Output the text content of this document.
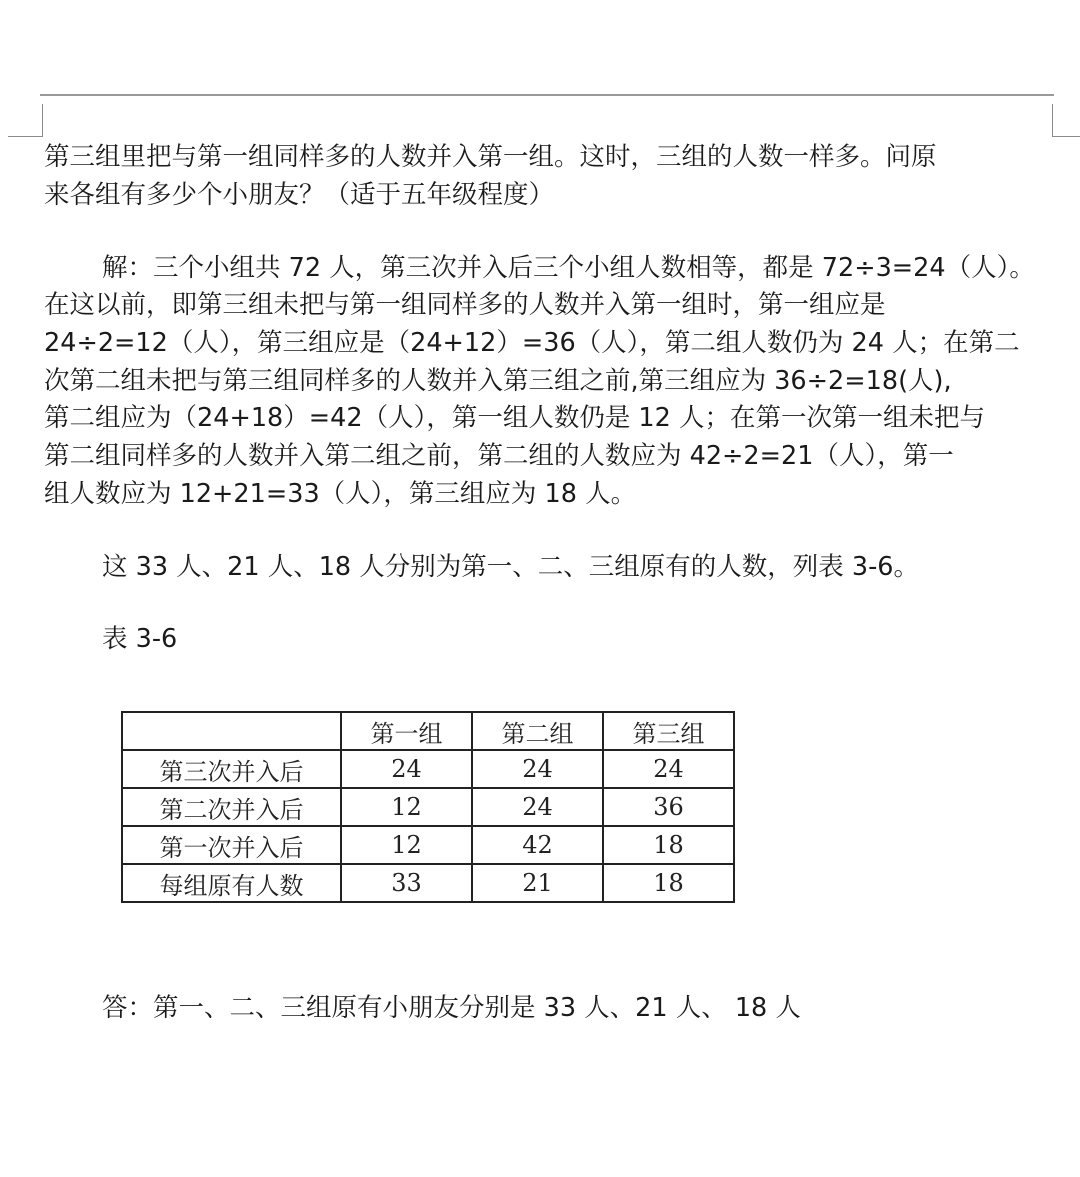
第三组里把与第一组同样多的人数并入第一组。这时，三组的人数一样多。问原
来各组有多少个小朋友？（适于五年级程度）
解：三个小组共 72 人，第三次并入后三个小组人数相等，都是 72÷3=24（人）。
在这以前，即第三组未把与第一组同样多的人数并入第一组时，第一组应是
24÷2=12（人），第三组应是（24+12）=36（人），第二组人数仍为 24 人；在第二
次第二组未把与第三组同样多的人数并入第三组之前,第三组应为 36÷2=18(人),
第二组应为（24+18）=42（人），第一组人数仍是 12 人；在第一次第一组未把与
第二组同样多的人数并入第二组之前，第二组的人数应为 42÷2=21（人），第一
组人数应为 12+21=33（人），第三组应为 18 人。
这 33 人、21 人、18 人分别为第一、二、三组原有的人数，列表 3-6。
表 3-6
	第一组	第二组	第三组
第三次并入后	24	24	24
第二次并入后	12	24	36
第一次并入后	12	42	18
每组原有人数	33	21	18
答：第一、二、三组原有小朋友分别是 33 人、21 人、 18 人
